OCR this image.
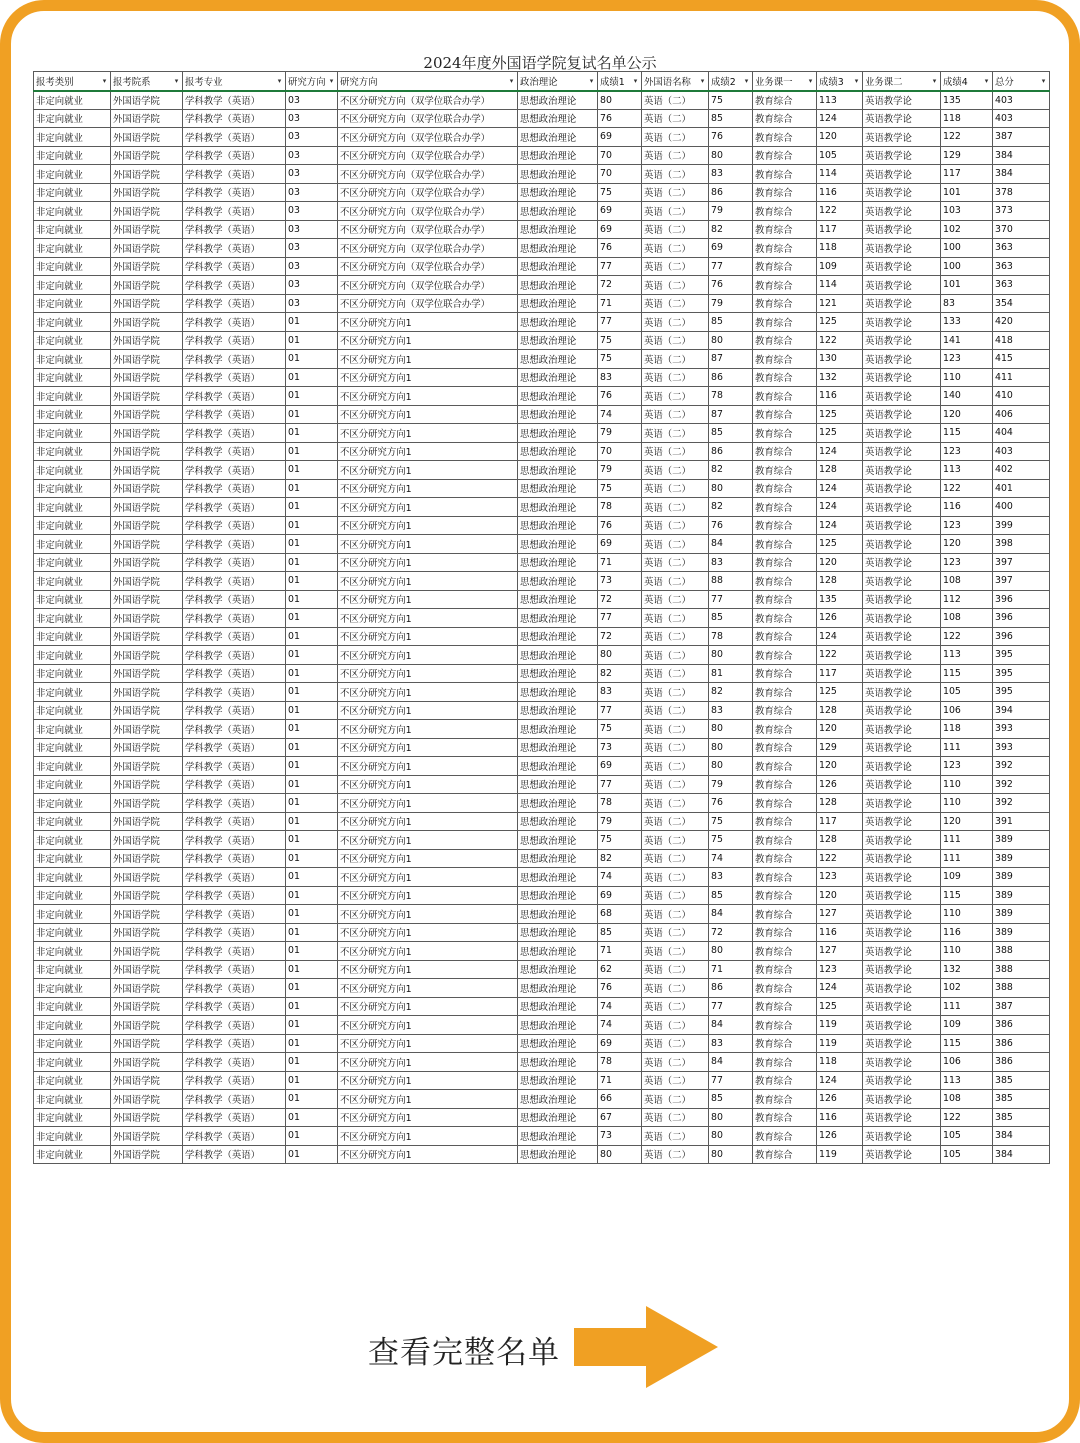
2024年度外国语学院复试名单公示
报考类别 ▾	报考院系 ▾	报考专业 ▾	研究方向 ▾	研究方向 ▾	政治理论 ▾	成绩1 ▾	外国语名称 ▾	成绩2 ▾	业务课一 ▾	成绩3 ▾	业务课二 ▾	成绩4 ▾	总分 ▾

非定向就业	外国语学院	学科教学（英语）	03	不区分研究方向（双学位联合办学）	思想政治理论	80	英语（二）	75	教育综合	113	英语教学论	135	403
非定向就业	外国语学院	学科教学（英语）	03	不区分研究方向（双学位联合办学）	思想政治理论	76	英语（二）	85	教育综合	124	英语教学论	118	403
非定向就业	外国语学院	学科教学（英语）	03	不区分研究方向（双学位联合办学）	思想政治理论	69	英语（二）	76	教育综合	120	英语教学论	122	387
非定向就业	外国语学院	学科教学（英语）	03	不区分研究方向（双学位联合办学）	思想政治理论	70	英语（二）	80	教育综合	105	英语教学论	129	384
非定向就业	外国语学院	学科教学（英语）	03	不区分研究方向（双学位联合办学）	思想政治理论	70	英语（二）	83	教育综合	114	英语教学论	117	384
非定向就业	外国语学院	学科教学（英语）	03	不区分研究方向（双学位联合办学）	思想政治理论	75	英语（二）	86	教育综合	116	英语教学论	101	378
非定向就业	外国语学院	学科教学（英语）	03	不区分研究方向（双学位联合办学）	思想政治理论	69	英语（二）	79	教育综合	122	英语教学论	103	373
非定向就业	外国语学院	学科教学（英语）	03	不区分研究方向（双学位联合办学）	思想政治理论	69	英语（二）	82	教育综合	117	英语教学论	102	370
非定向就业	外国语学院	学科教学（英语）	03	不区分研究方向（双学位联合办学）	思想政治理论	76	英语（二）	69	教育综合	118	英语教学论	100	363
非定向就业	外国语学院	学科教学（英语）	03	不区分研究方向（双学位联合办学）	思想政治理论	77	英语（二）	77	教育综合	109	英语教学论	100	363
非定向就业	外国语学院	学科教学（英语）	03	不区分研究方向（双学位联合办学）	思想政治理论	72	英语（二）	76	教育综合	114	英语教学论	101	363
非定向就业	外国语学院	学科教学（英语）	03	不区分研究方向（双学位联合办学）	思想政治理论	71	英语（二）	79	教育综合	121	英语教学论	83	354
非定向就业	外国语学院	学科教学（英语）	01	不区分研究方向1	思想政治理论	77	英语（二）	85	教育综合	125	英语教学论	133	420
非定向就业	外国语学院	学科教学（英语）	01	不区分研究方向1	思想政治理论	75	英语（二）	80	教育综合	122	英语教学论	141	418
非定向就业	外国语学院	学科教学（英语）	01	不区分研究方向1	思想政治理论	75	英语（二）	87	教育综合	130	英语教学论	123	415
非定向就业	外国语学院	学科教学（英语）	01	不区分研究方向1	思想政治理论	83	英语（二）	86	教育综合	132	英语教学论	110	411
非定向就业	外国语学院	学科教学（英语）	01	不区分研究方向1	思想政治理论	76	英语（二）	78	教育综合	116	英语教学论	140	410
非定向就业	外国语学院	学科教学（英语）	01	不区分研究方向1	思想政治理论	74	英语（二）	87	教育综合	125	英语教学论	120	406
非定向就业	外国语学院	学科教学（英语）	01	不区分研究方向1	思想政治理论	79	英语（二）	85	教育综合	125	英语教学论	115	404
非定向就业	外国语学院	学科教学（英语）	01	不区分研究方向1	思想政治理论	70	英语（二）	86	教育综合	124	英语教学论	123	403
非定向就业	外国语学院	学科教学（英语）	01	不区分研究方向1	思想政治理论	79	英语（二）	82	教育综合	128	英语教学论	113	402
非定向就业	外国语学院	学科教学（英语）	01	不区分研究方向1	思想政治理论	75	英语（二）	80	教育综合	124	英语教学论	122	401
非定向就业	外国语学院	学科教学（英语）	01	不区分研究方向1	思想政治理论	78	英语（二）	82	教育综合	124	英语教学论	116	400
非定向就业	外国语学院	学科教学（英语）	01	不区分研究方向1	思想政治理论	76	英语（二）	76	教育综合	124	英语教学论	123	399
非定向就业	外国语学院	学科教学（英语）	01	不区分研究方向1	思想政治理论	69	英语（二）	84	教育综合	125	英语教学论	120	398
非定向就业	外国语学院	学科教学（英语）	01	不区分研究方向1	思想政治理论	71	英语（二）	83	教育综合	120	英语教学论	123	397
非定向就业	外国语学院	学科教学（英语）	01	不区分研究方向1	思想政治理论	73	英语（二）	88	教育综合	128	英语教学论	108	397
非定向就业	外国语学院	学科教学（英语）	01	不区分研究方向1	思想政治理论	72	英语（二）	77	教育综合	135	英语教学论	112	396
非定向就业	外国语学院	学科教学（英语）	01	不区分研究方向1	思想政治理论	77	英语（二）	85	教育综合	126	英语教学论	108	396
非定向就业	外国语学院	学科教学（英语）	01	不区分研究方向1	思想政治理论	72	英语（二）	78	教育综合	124	英语教学论	122	396
非定向就业	外国语学院	学科教学（英语）	01	不区分研究方向1	思想政治理论	80	英语（二）	80	教育综合	122	英语教学论	113	395
非定向就业	外国语学院	学科教学（英语）	01	不区分研究方向1	思想政治理论	82	英语（二）	81	教育综合	117	英语教学论	115	395
非定向就业	外国语学院	学科教学（英语）	01	不区分研究方向1	思想政治理论	83	英语（二）	82	教育综合	125	英语教学论	105	395
非定向就业	外国语学院	学科教学（英语）	01	不区分研究方向1	思想政治理论	77	英语（二）	83	教育综合	128	英语教学论	106	394
非定向就业	外国语学院	学科教学（英语）	01	不区分研究方向1	思想政治理论	75	英语（二）	80	教育综合	120	英语教学论	118	393
非定向就业	外国语学院	学科教学（英语）	01	不区分研究方向1	思想政治理论	73	英语（二）	80	教育综合	129	英语教学论	111	393
非定向就业	外国语学院	学科教学（英语）	01	不区分研究方向1	思想政治理论	69	英语（二）	80	教育综合	120	英语教学论	123	392
非定向就业	外国语学院	学科教学（英语）	01	不区分研究方向1	思想政治理论	77	英语（二）	79	教育综合	126	英语教学论	110	392
非定向就业	外国语学院	学科教学（英语）	01	不区分研究方向1	思想政治理论	78	英语（二）	76	教育综合	128	英语教学论	110	392
非定向就业	外国语学院	学科教学（英语）	01	不区分研究方向1	思想政治理论	79	英语（二）	75	教育综合	117	英语教学论	120	391
非定向就业	外国语学院	学科教学（英语）	01	不区分研究方向1	思想政治理论	75	英语（二）	75	教育综合	128	英语教学论	111	389
非定向就业	外国语学院	学科教学（英语）	01	不区分研究方向1	思想政治理论	82	英语（二）	74	教育综合	122	英语教学论	111	389
非定向就业	外国语学院	学科教学（英语）	01	不区分研究方向1	思想政治理论	74	英语（二）	83	教育综合	123	英语教学论	109	389
非定向就业	外国语学院	学科教学（英语）	01	不区分研究方向1	思想政治理论	69	英语（二）	85	教育综合	120	英语教学论	115	389
非定向就业	外国语学院	学科教学（英语）	01	不区分研究方向1	思想政治理论	68	英语（二）	84	教育综合	127	英语教学论	110	389
非定向就业	外国语学院	学科教学（英语）	01	不区分研究方向1	思想政治理论	85	英语（二）	72	教育综合	116	英语教学论	116	389
非定向就业	外国语学院	学科教学（英语）	01	不区分研究方向1	思想政治理论	71	英语（二）	80	教育综合	127	英语教学论	110	388
非定向就业	外国语学院	学科教学（英语）	01	不区分研究方向1	思想政治理论	62	英语（二）	71	教育综合	123	英语教学论	132	388
非定向就业	外国语学院	学科教学（英语）	01	不区分研究方向1	思想政治理论	76	英语（二）	86	教育综合	124	英语教学论	102	388
非定向就业	外国语学院	学科教学（英语）	01	不区分研究方向1	思想政治理论	74	英语（二）	77	教育综合	125	英语教学论	111	387
非定向就业	外国语学院	学科教学（英语）	01	不区分研究方向1	思想政治理论	74	英语（二）	84	教育综合	119	英语教学论	109	386
非定向就业	外国语学院	学科教学（英语）	01	不区分研究方向1	思想政治理论	69	英语（二）	83	教育综合	119	英语教学论	115	386
非定向就业	外国语学院	学科教学（英语）	01	不区分研究方向1	思想政治理论	78	英语（二）	84	教育综合	118	英语教学论	106	386
非定向就业	外国语学院	学科教学（英语）	01	不区分研究方向1	思想政治理论	71	英语（二）	77	教育综合	124	英语教学论	113	385
非定向就业	外国语学院	学科教学（英语）	01	不区分研究方向1	思想政治理论	66	英语（二）	85	教育综合	126	英语教学论	108	385
非定向就业	外国语学院	学科教学（英语）	01	不区分研究方向1	思想政治理论	67	英语（二）	80	教育综合	116	英语教学论	122	385
非定向就业	外国语学院	学科教学（英语）	01	不区分研究方向1	思想政治理论	73	英语（二）	80	教育综合	126	英语教学论	105	384
非定向就业	外国语学院	学科教学（英语）	01	不区分研究方向1	思想政治理论	80	英语（二）	80	教育综合	119	英语教学论	105	384
查看完整名单
